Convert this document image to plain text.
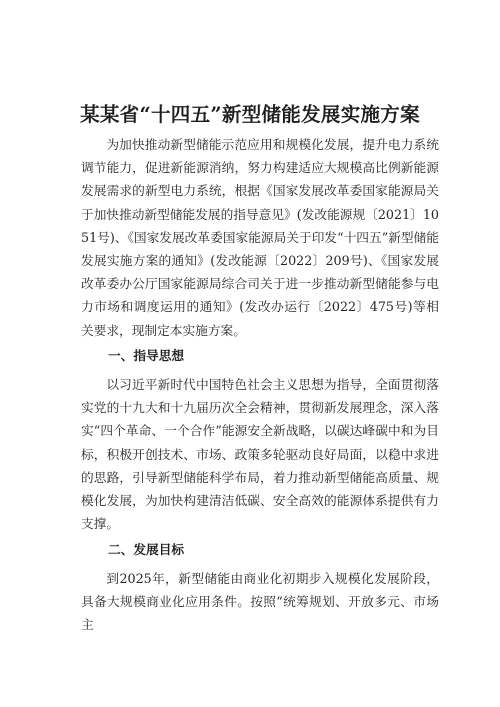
某某省“十四五”新型储能发展实施方案

为加快推动新型储能示范应用和规模化发展，提升电力系统调节能力，促进新能源消纳，努力构建适应大规模高比例新能源发展需求的新型电力系统，根据《国家发展改革委国家能源局关于加快推动新型储能发展的指导意见》(发改能源规〔2021〕1051号)、《国家发展改革委国家能源局关于印发“十四五”新型储能发展实施方案的通知》(发改能源〔2022〕209号)、《国家发展改革委办公厅国家能源局综合司关于进一步推动新型储能参与电力市场和调度运用的通知》(发改办运行〔2022〕475号)等相关要求，现制定本实施方案。

一、指导思想

以习近平新时代中国特色社会主义思想为指导，全面贯彻落实党的十九大和十九届历次全会精神，贯彻新发展理念，深入落实“四个革命、一个合作”能源安全新战略，以碳达峰碳中和为目标，积极开创技术、市场、政策多轮驱动良好局面，以稳中求进的思路，引导新型储能科学布局，着力推动新型储能高质量、规模化发展，为加快构建清洁低碳、安全高效的能源体系提供有力支撑。

二、发展目标

到2025年，新型储能由商业化初期步入规模化发展阶段，具备大规模商业化应用条件。按照“统筹规划、开放多元、市场主
